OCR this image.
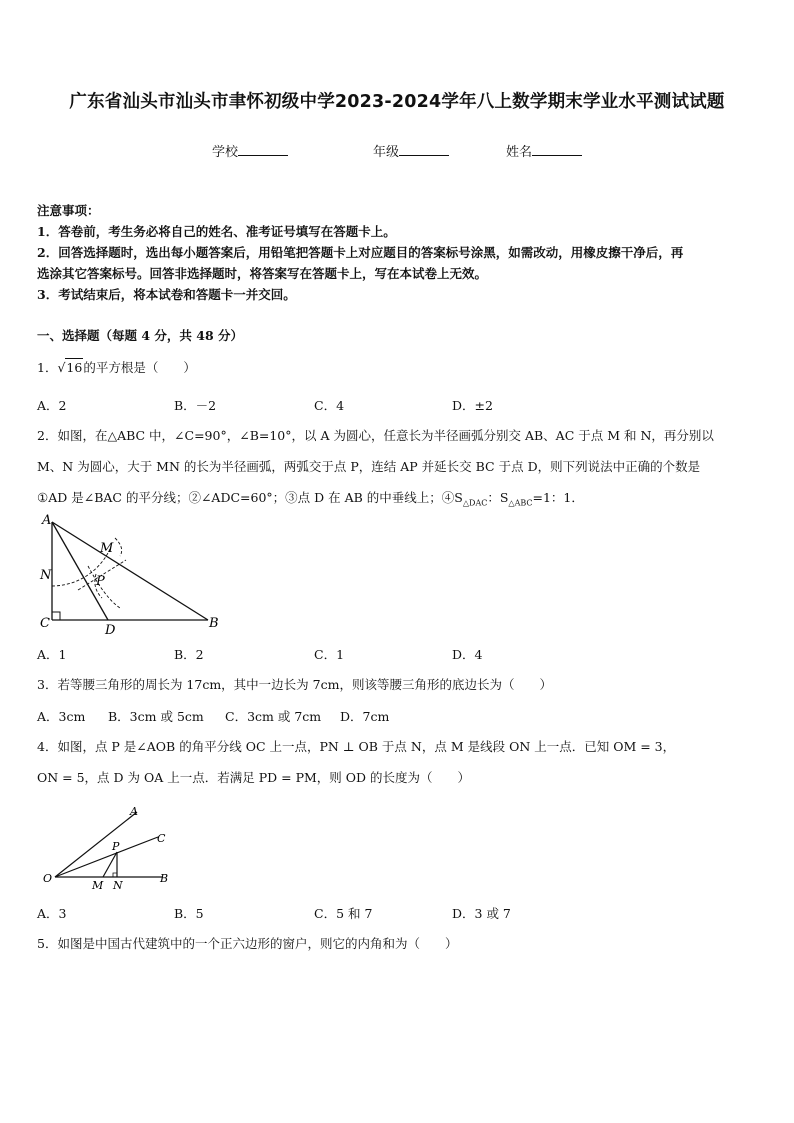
广东省汕头市汕头市聿怀初级中学2023-2024学年八上数学期末学业水平测试试题
学校	年级	姓名
注意事项：
1．答卷前，考生务必将自己的姓名、准考证号填写在答题卡上。
2．回答选择题时，选出每小题答案后，用铅笔把答题卡上对应题目的答案标号涂黑，如需改动，用橡皮擦干净后，再
选涂其它答案标号。回答非选择题时，将答案写在答题卡上，写在本试卷上无效。
3．考试结束后，将本试卷和答题卡一并交回。
一、选择题（每题 4 分，共 48 分）
1．√16的平方根是（　　）
A．2	B．－2	C．4	D．±2
2．如图，在△ABC 中，∠C=90°，∠B=10°，以 A 为圆心，任意长为半径画弧分别交 AB、AC 于点 M 和 N，再分别以
M、N 为圆心，大于 MN 的长为半径画弧，两弧交于点 P，连结 AP 并延长交 BC 于点 D，则下列说法中正确的个数是
①AD 是∠BAC 的平分线；②∠ADC=60°；③点 D 在 AB 的中垂线上；$④S_{\triangle DAC}$：$S_{\triangle ABC}=1$：1．
A
C	D	B
M
N	P
A．1	B．2	C．1	D．4
3．若等腰三角形的周长为 17cm，其中一边长为 7cm，则该等腰三角形的底边长为（　　）
A．3cm B．3cm 或 5cm C．3cm 或 7cm D．7cm
4．如图，点 P 是∠AOB 的角平分线 OC 上一点，PN ⊥ OB 于点 N，点 M 是线段 ON 上一点．已知 OM = 3，
ON = 5，点 D 为 OA 上一点．若满足 PD = PM，则 OD 的长度为（　　）
O
A
C
B
P
M N
A．3	B．5	C．5 和 7	D．3 或 7
5．如图是中国古代建筑中的一个正六边形的窗户，则它的内角和为（　　）
